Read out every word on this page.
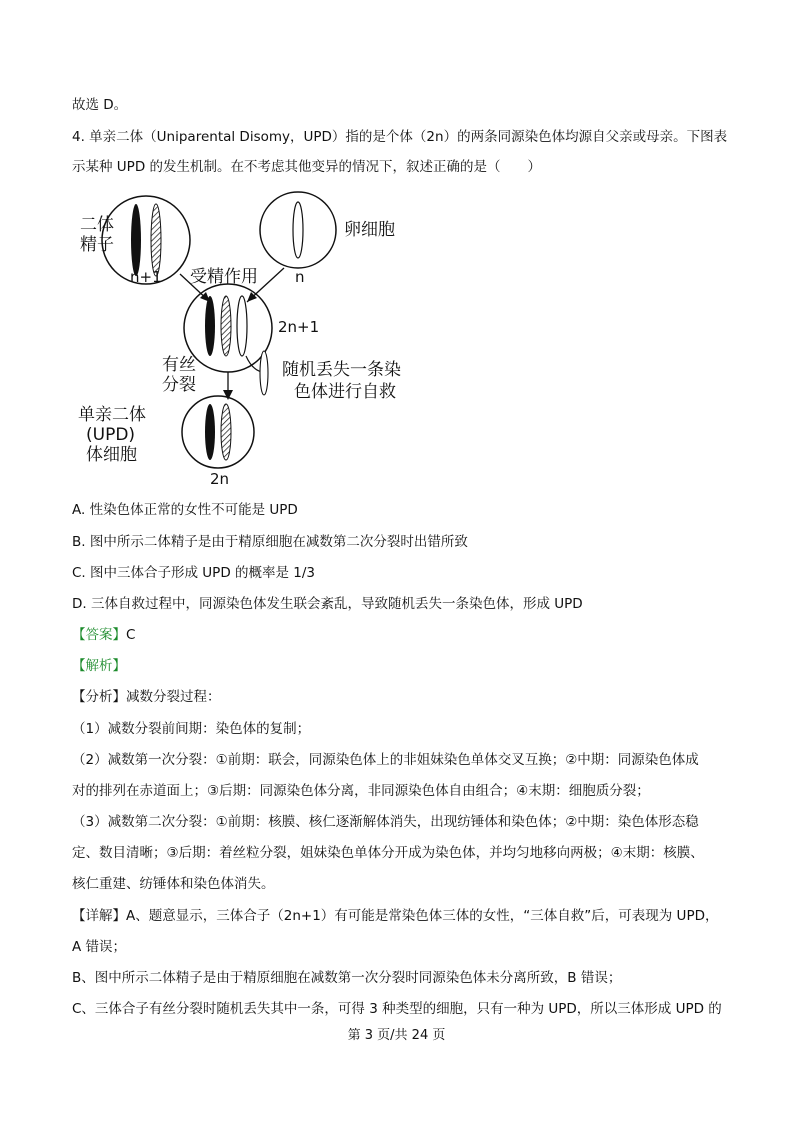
故选 D。
4. 单亲二体（Uniparental Disomy，UPD）指的是个体（2n）的两条同源染色体均源自父亲或母亲。下图表
示某种 UPD 的发生机制。在不考虑其他变异的情况下，叙述正确的是（　　）
二体
精子
n+1
卵细胞
n
受精作用
2n+1
随机丢失一条染
色体进行自救
有丝
分裂
单亲二体
(UPD)
体细胞
2n
A. 性染色体正常的女性不可能是 UPD
B. 图中所示二体精子是由于精原细胞在减数第二次分裂时出错所致
C. 图中三体合子形成 UPD 的概率是 1/3
D. 三体自救过程中，同源染色体发生联会紊乱，导致随机丢失一条染色体，形成 UPD
【答案】C
【解析】
【分析】减数分裂过程：
（1）减数分裂前间期：染色体的复制；
（2）减数第一次分裂：①前期：联会，同源染色体上的非姐妹染色单体交叉互换；②中期：同源染色体成
对的排列在赤道面上；③后期：同源染色体分离，非同源染色体自由组合；④末期：细胞质分裂；
（3）减数第二次分裂：①前期：核膜、核仁逐渐解体消失，出现纺锤体和染色体；②中期：染色体形态稳
定、数目清晰；③后期：着丝粒分裂，姐妹染色单体分开成为染色体，并均匀地移向两极；④末期：核膜、
核仁重建、纺锤体和染色体消失。
【详解】A、题意显示，三体合子（2n+1）有可能是常染色体三体的女性，“三体自救”后，可表现为 UPD，
A 错误；
B、图中所示二体精子是由于精原细胞在减数第一次分裂时同源染色体未分离所致，B 错误；
C、三体合子有丝分裂时随机丢失其中一条，可得 3 种类型的细胞，只有一种为 UPD，所以三体形成 UPD 的
第 3 页/共 24 页
